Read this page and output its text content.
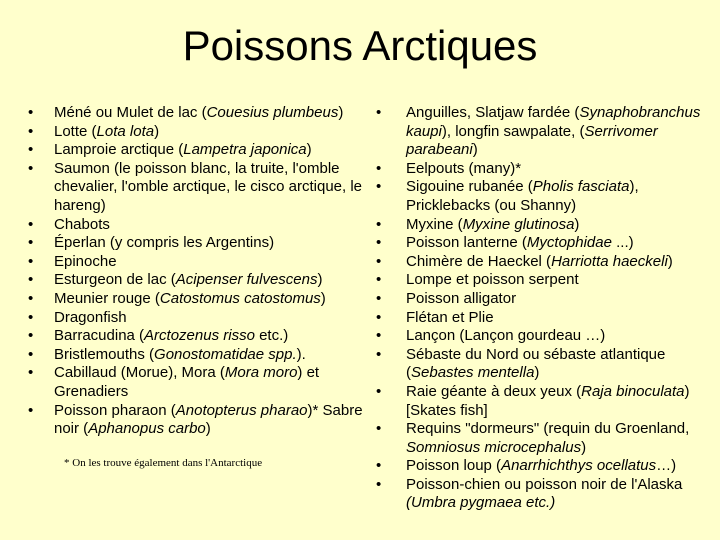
Poissons Arctiques
• Méné ou Mulet de lac (Couesius plumbeus)
• Lotte (Lota lota)
• Lamproie arctique (Lampetra japonica)
• Saumon (le poisson blanc, la truite, l'omble chevalier, l'omble arctique, le cisco arctique, le hareng)
• Chabots
• Éperlan (y compris les Argentins)
• Epinoche
• Esturgeon de lac (Acipenser fulvescens)
• Meunier rouge (Catostomus catostomus)
• Dragonfish
• Barracudina (Arctozenus risso etc.)
• Bristlemouths (Gonostomatidae spp.).
• Cabillaud (Morue), Mora (Mora moro) et Grenadiers
• Poisson pharaon (Anotopterus pharao)* Sabre noir (Aphanopus carbo)
* On les trouve également dans l'Antarctique
• Anguilles, Slatjaw fardée (Synaphobranchus kaupi), longfin sawpalate, (Serrivomer parabeani)
• Eelpouts (many)*
• Sigouine rubanée (Pholis fasciata), Pricklebacks (ou Shanny)
• Myxine (Myxine glutinosa)
• Poisson lanterne (Myctophidae ...)
• Chimère de Haeckel (Harriotta haeckeli)
• Lompe et poisson serpent
• Poisson alligator
• Flétan et Plie
• Lançon (Lançon gourdeau …)
• Sébaste du Nord ou sébaste atlantique (Sebastes mentella)
• Raie géante à deux yeux (Raja binoculata) [Skates fish]
• Requins "dormeurs" (requin du Groenland, Somniosus microcephalus)
• Poisson loup (Anarrhichthys ocellatus…)
• Poisson-chien ou poisson noir de l'Alaska (Umbra pygmaea etc.)
